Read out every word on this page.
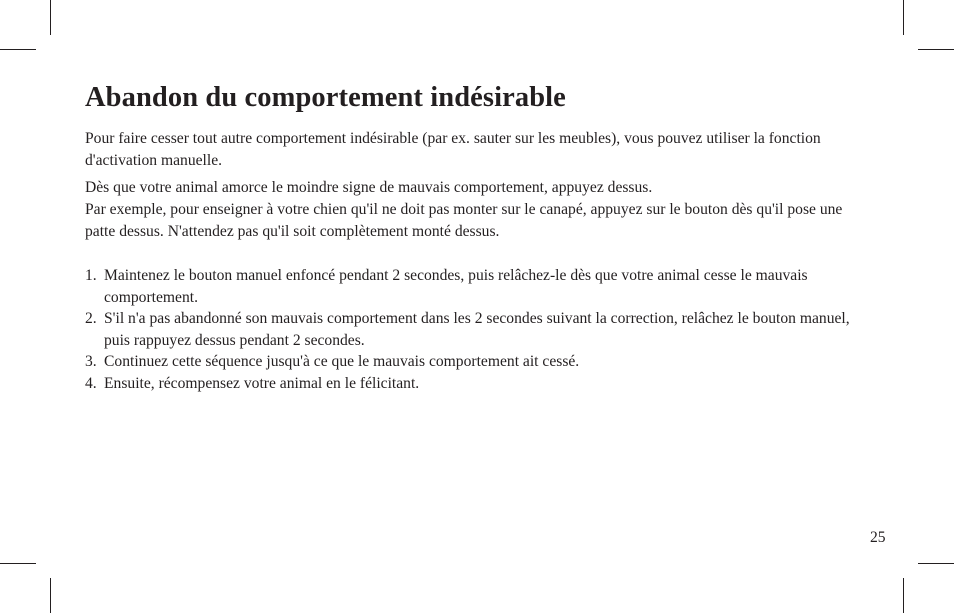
Abandon du comportement indésirable

Pour faire cesser tout autre comportement indésirable (par ex. sauter sur les meubles), vous pouvez utiliser la fonction d'activation manuelle.

Dès que votre animal amorce le moindre signe de mauvais comportement, appuyez dessus.

Par exemple, pour enseigner à votre chien qu'il ne doit pas monter sur le canapé, appuyez sur le bouton dès qu'il pose une patte dessus. N'attendez pas qu'il soit complètement monté dessus.

1. Maintenez le bouton manuel enfoncé pendant 2 secondes, puis relâchez-le dès que votre animal cesse le mauvais comportement.
2. S'il n'a pas abandonné son mauvais comportement dans les 2 secondes suivant la correction, relâchez le bouton manuel, puis rappuyez dessus pendant 2 secondes.
3. Continuez cette séquence jusqu'à ce que le mauvais comportement ait cessé.
4. Ensuite, récompensez votre animal en le félicitant.
25
